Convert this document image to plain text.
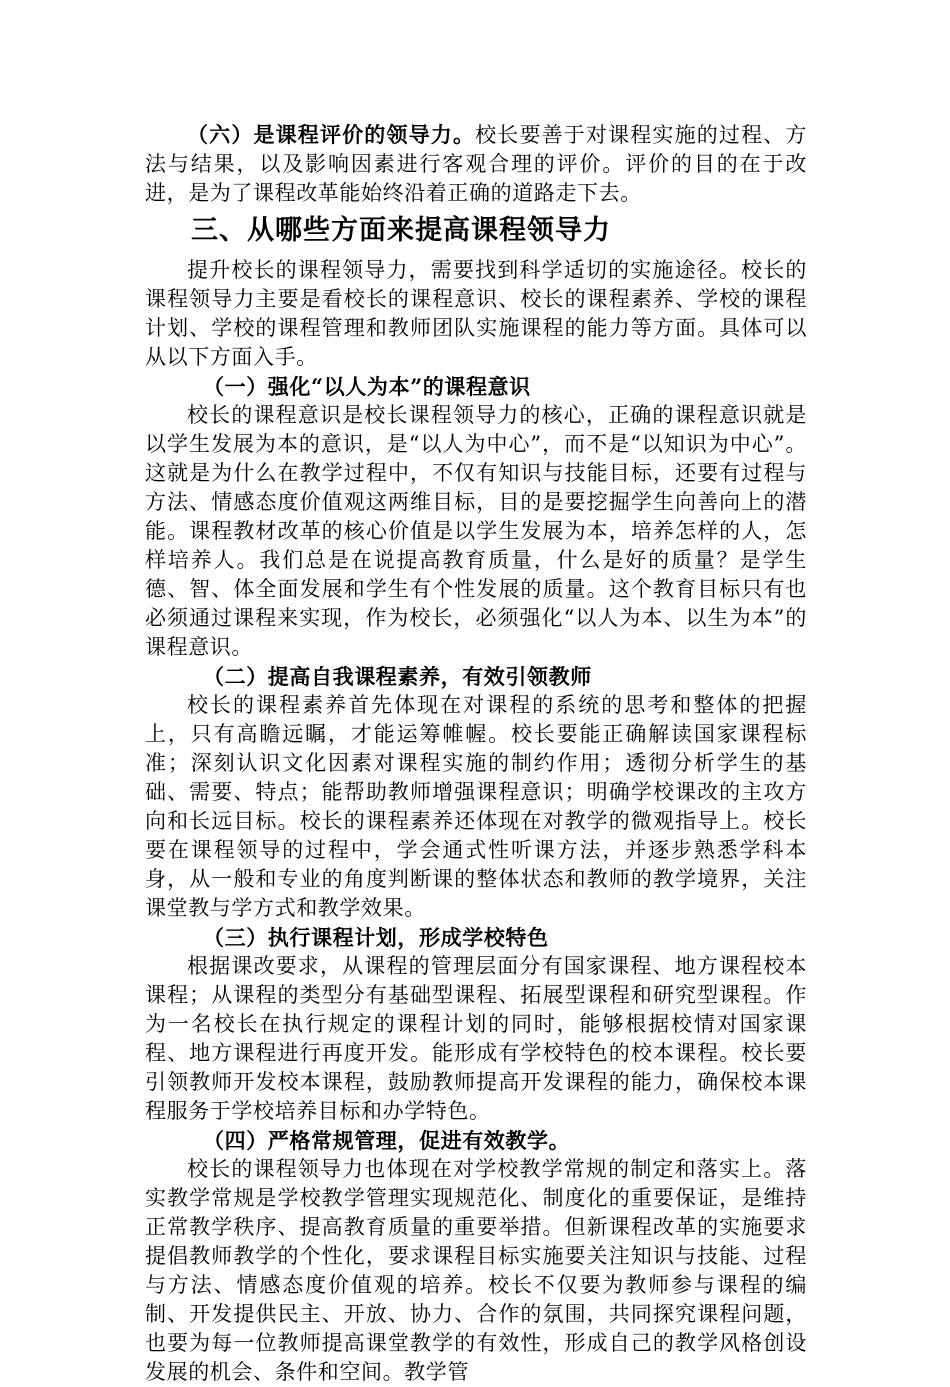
（六）是课程评价的领导力。校长要善于对课程实施的过程、方法与结果，以及影响因素进行客观合理的评价。评价的目的在于改进，是为了课程改革能始终沿着正确的道路走下去。

三、从哪些方面来提高课程领导力

提升校长的课程领导力，需要找到科学适切的实施途径。校长的课程领导力主要是看校长的课程意识、校长的课程素养、学校的课程计划、学校的课程管理和教师团队实施课程的能力等方面。具体可以从以下方面入手。

（一）强化“以人为本”的课程意识

校长的课程意识是校长课程领导力的核心，正确的课程意识就是以学生发展为本的意识，是“以人为中心”，而不是“以知识为中心”。这就是为什么在教学过程中，不仅有知识与技能目标，还要有过程与方法、情感态度价值观这两维目标，目的是要挖掘学生向善向上的潜能。课程教材改革的核心价值是以学生发展为本，培养怎样的人，怎样培养人。我们总是在说提高教育质量，什么是好的质量？是学生德、智、体全面发展和学生有个性发展的质量。这个教育目标只有也必须通过课程来实现，作为校长，必须强化“以人为本、以生为本”的课程意识。

（二）提高自我课程素养，有效引领教师

校长的课程素养首先体现在对课程的系统的思考和整体的把握上，只有高瞻远瞩，才能运筹帷幄。校长要能正确解读国家课程标准；深刻认识文化因素对课程实施的制约作用；透彻分析学生的基础、需要、特点；能帮助教师增强课程意识；明确学校课改的主攻方向和长远目标。校长的课程素养还体现在对教学的微观指导上。校长要在课程领导的过程中，学会通式性听课方法，并逐步熟悉学科本身，从一般和专业的角度判断课的整体状态和教师的教学境界，关注课堂教与学方式和教学效果。

（三）执行课程计划，形成学校特色

根据课改要求，从课程的管理层面分有国家课程、地方课程校本课程；从课程的类型分有基础型课程、拓展型课程和研究型课程。作为一名校长在执行规定的课程计划的同时，能够根据校情对国家课程、地方课程进行再度开发。能形成有学校特色的校本课程。校长要引领教师开发校本课程，鼓励教师提高开发课程的能力，确保校本课程服务于学校培养目标和办学特色。

（四）严格常规管理，促进有效教学。

校长的课程领导力也体现在对学校教学常规的制定和落实上。落实教学常规是学校教学管理实现规范化、制度化的重要保证，是维持正常教学秩序、提高教育质量的重要举措。但新课程改革的实施要求提倡教师教学的个性化，要求课程目标实施要关注知识与技能、过程与方法、情感态度价值观的培养。校长不仅要为教师参与课程的编制、开发提供民主、开放、协力、合作的氛围，共同探究课程问题，也要为每一位教师提高课堂教学的有效性，形成自己的教学风格创设发展的机会、条件和空间。教学管
